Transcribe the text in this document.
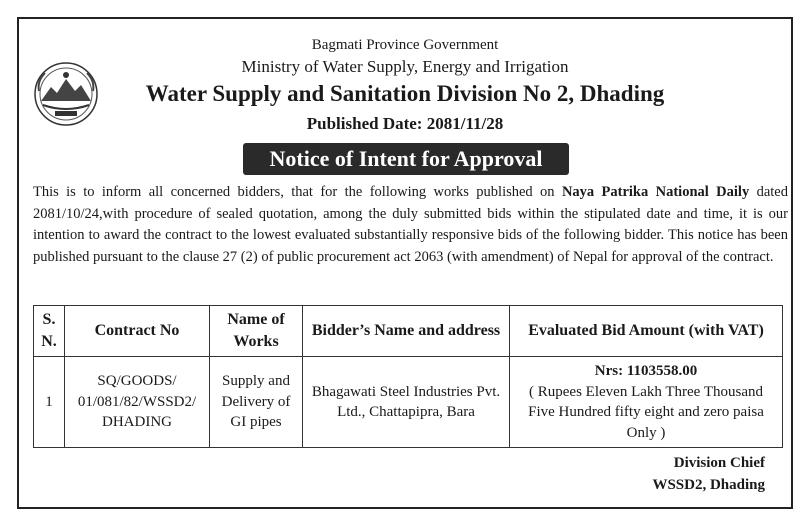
Bagmati Province Government
Ministry of Water Supply, Energy and Irrigation
Water Supply and Sanitation Division No 2, Dhading
Published Date: 2081/11/28
Notice of Intent for Approval
This is to inform all concerned bidders, that for the following works published on Naya Patrika National Daily dated 2081/10/24,with procedure of sealed quotation, among the duly submitted bids within the stipulated date and time, it is our intention to award the contract to the lowest evaluated substantially responsive bids of the following bidder. This notice has been published pursuant to the clause 27 (2) of public procurement act 2063 (with amendment) of Nepal for approval of the contract.
S. N.	Contract No	Name of Works	Bidder’s Name and address	Evaluated Bid Amount (with VAT)
1	SQ/GOODS/ 01/081/82/WSSD2/ DHADING	Supply and Delivery of GI pipes	Bhagawati Steel Industries Pvt. Ltd., Chattapipra, Bara	Nrs: 1103558.00
( Rupees Eleven Lakh Three Thousand Five Hundred fifty eight and zero paisa Only )
Division Chief
WSSD2, Dhading
